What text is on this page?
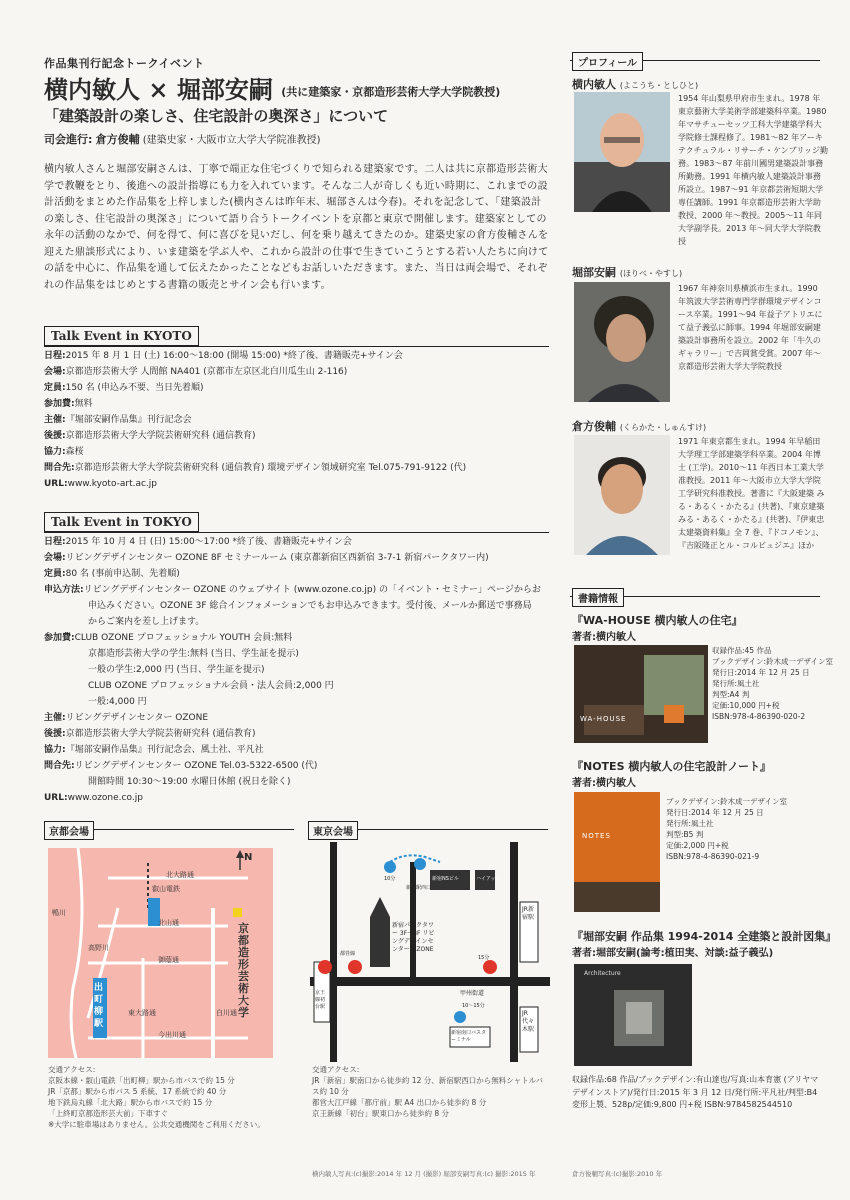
作品集刊行記念トークイベント
横内敏人 × 堀部安嗣 (共に建築家・京都造形芸術大学大学院教授)
「建築設計の楽しさ、住宅設計の奥深さ」について
司会進行: 倉方俊輔 (建築史家・大阪市立大学大学院准教授)
横内敏人さんと堀部安嗣さんは、丁寧で端正な住宅づくりで知られる建築家です。二人は共に京都造形芸術大学で教鞭をとり、後進への設計指導にも力を入れています。そんな二人が奇しくも近い時期に、これまでの設計活動をまとめた作品集を上梓しました(横内さんは昨年末、堀部さんは今春)。それを記念して、「建築設計の楽しさ、住宅設計の奥深さ」について語り合うトークイベントを京都と東京で開催します。建築家としての永年の活動のなかで、何を得て、何に喜びを見いだし、何を乗り越えてきたのか。建築史家の倉方俊輔さんを迎えた鼎談形式により、いま建築を学ぶ人や、これから設計の仕事で生きていこうとする若い人たちに向けての話を中心に、作品集を通して伝えたかったことなどもお話しいただきます。また、当日は両会場で、それぞれの作品集をはじめとする書籍の販売とサイン会も行います。
Talk Event in KYOTO
日程:2015 年 8 月 1 日 (土) 16:00～18:00 (開場 15:00) *終了後、書籍販売+サイン会
会場:京都造形芸術大学 人間館 NA401 (京都市左京区北白川瓜生山 2-116)
定員:150 名 (申込み不要、当日先着順)
参加費:無料
主催:『堀部安嗣作品集』刊行記念会
後援:京都造形芸術大学大学院芸術研究科 (通信教育)
協力:森桜
問合先:京都造形芸術大学大学院芸術研究科 (通信教育) 環境デザイン領域研究室 Tel.075-791-9122 (代)
URL:www.kyoto-art.ac.jp
Talk Event in TOKYO
日程:2015 年 10 月 4 日 (日) 15:00～17:00 *終了後、書籍販売+サイン会
会場:リビングデザインセンター OZONE 8F セミナールーム (東京都新宿区西新宿 3-7-1 新宿パークタワー内)
定員:80 名 (事前申込制、先着順)
申込方法:リビングデザインセンター OZONE のウェブサイト (www.ozone.co.jp) の「イベント・セミナー」ページからお
申込みください。OZONE 3F 総合インフォメーションでもお申込みできます。受付後、メールか郵送で事務局
からご案内を差し上げます。
参加費:CLUB OZONE プロフェッショナル YOUTH 会員:無料
京都造形芸術大学の学生:無料 (当日、学生証を提示)
一般の学生:2,000 円 (当日、学生証を提示)
CLUB OZONE プロフェッショナル会員・法人会員:2,000 円
一般:4,000 円
主催:リビングデザインセンター OZONE
後援:京都造形芸術大学大学院芸術研究科 (通信教育)
協力:『堀部安嗣作品集』刊行記念会、風土社、平凡社
問合先:リビングデザインセンター OZONE Tel.03-5322-6500 (代)
開館時間 10:30～19:00 水曜日休館 (祝日を除く)
URL:www.ozone.co.jp
京都会場
N
京都造形芸術大学
出町柳駅
北大路通
北山通
御蔭通
今出川通
東大路通	白川通
鴨川
高野川
叡山電鉄
交通アクセス:
京阪本線・叡山電鉄「出町柳」駅から市バスで約 15 分
JR「京都」駅から市バス 5 系統、17 系統で約 40 分
地下鉄烏丸線「北大路」駅から市バスで約 15 分
「上終町京都造形芸大前」下車すぐ
※大学に駐車場はありません。公共交通機関をご利用ください。
東京会場
新宿パークタワー 3F～8F リビングデザインセンター OZONE
新宿駅西口
10分
15分
10～15分
新宿NSビル	ハイアット
甲州街道
新宿南口バスターミナル
JR新宿駅
JR代々木駅
京王線初台駅
都営線
交通アクセス:
JR「新宿」駅南口から徒歩約 12 分、新宿駅西口から無料シャトルバス約 10 分
都営大江戸線「都庁前」駅 A4 出口から徒歩約 8 分
京王新線「初台」駅東口から徒歩約 8 分
プロフィール
横内敏人 (よこうち・としひと)
1954 年山梨県甲府市生まれ。1978 年東京藝術大学美術学部建築科卒業。1980 年マサチューセッツ工科大学建築学科大学院修士課程修了。1981～82 年アーキテクチュラル・リサーチ・ケンブリッジ勤務。1983～87 年前川國男建築設計事務所勤務。1991 年横内敏人建築設計事務所設立。1987～91 年京都芸術短期大学専任講師。1991 年京都造形芸術大学助教授、2000 年～教授。2005～11 年同大学副学長。2013 年～同大学大学院教授
堀部安嗣 (ほりべ・やすし)
1967 年神奈川県横浜市生まれ。1990 年筑波大学芸術専門学群環境デザインコース卒業。1991～94 年益子アトリエにて益子義弘に師事。1994 年堀部安嗣建築設計事務所を設立。2002 年「牛久のギャラリー」で吉岡賞受賞。2007 年～京都造形芸術大学大学院教授
倉方俊輔 (くらかた・しゅんすけ)
1971 年東京都生まれ。1994 年早稲田大学理工学部建築学科卒業。2004 年博士 (工学)。2010～11 年西日本工業大学准教授。2011 年～大阪市立大学大学院工学研究科准教授。著書に『大阪建築 みる・あるく・かたる』(共著)、『東京建築 みる・あるく・かたる』(共著)、『伊東忠太建築資料集』全 7 巻、『ドコノモン』、『吉阪隆正とル・コルビュジエ』ほか
書籍情報
『WA-HOUSE 横内敏人の住宅』
著者:横内敏人
WA-HOUSE
収録作品:45 作品
ブックデザイン:鈴木成一デザイン室
発行日:2014 年 12 月 25 日
発行所:風土社
判型:A4 判
定価:10,000 円+税
ISBN:978-4-86390-020-2
『NOTES 横内敏人の住宅設計ノート』
著者:横内敏人
NOTES
ブックデザイン:鈴木成一デザイン室
発行日:2014 年 12 月 25 日
発行所:風土社
判型:B5 判
定価:2,000 円+税
ISBN:978-4-86390-021-9
『堀部安嗣 作品集 1994-2014 全建築と設計図集』
著者:堀部安嗣(論考:植田実、対談:益子義弘)
Architecture
収録作品:68 作品/ブックデザイン:有山達也/写真:山本育憲 (アリヤマデザインストア)/発行日:2015 年 3 月 12 日/発行所:平凡社/判型:B4 変形上製、528p/定価:9,800 円+税 ISBN:9784582544510
横内敏人写真:(c)撮影:2014 年 12 月 (撮影) 堀部安嗣写真:(c) 撮影:2015 年	倉方俊輔写真:(c)撮影:2010 年
